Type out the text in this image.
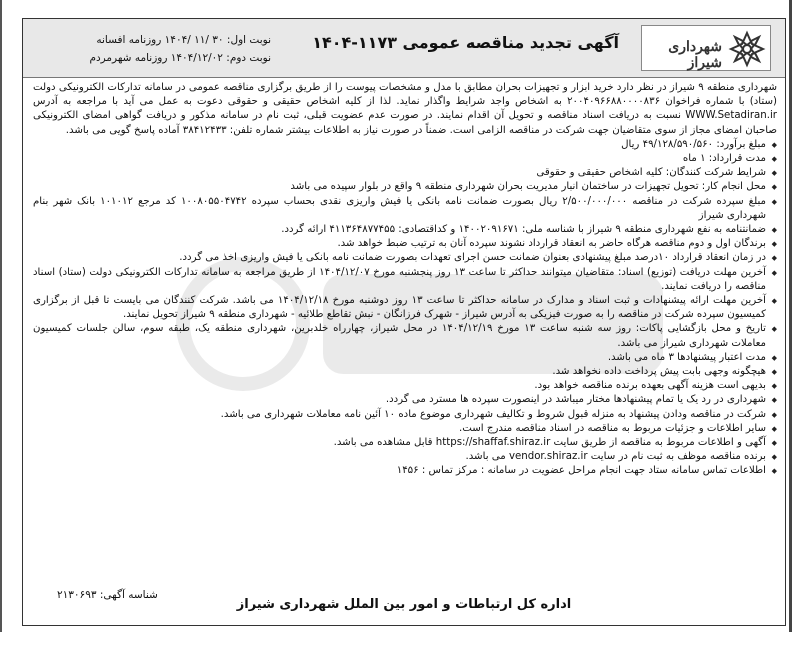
شهرداری شیراز
آگهی تجدید مناقصه عمومی ۱۱۷۳-۱۴۰۴
نوبت اول: ۳۰ /۱۱ /۱۴۰۴ روزنامه افسانه
نوبت دوم: ۱۴۰۴/۱۲/۰۲ روزنامه شهرمردم

شهرداری منطقه ۹ شیراز در نظر دارد خرید ابزار و تجهیزات بحران مطابق با مدل و مشخصات پیوست را از طریق برگزاری مناقصه عمومی در سامانه تدارکات الکترونیکی دولت (ستاد) با شماره فراخوان ۲۰۰۴۰۹۶۶۸۸۰۰۰۰۸۳۶ به اشخاص واجد شرایط واگذار نماید. لذا از کلیه اشخاص حقیقی و حقوقی دعوت به عمل می آید با مراجعه به آدرس WWW.Setadiran.ir نسبت به دریافت اسناد مناقصه و تحویل آن اقدام نمایند. در صورت عدم عضویت قبلی، ثبت نام در سامانه مذکور و دریافت گواهی امضای الکترونیکی صاحبان امضای مجاز از سوی متقاضیان جهت شرکت در مناقصه الزامی است. ضمناً در صورت نیاز به اطلاعات بیشتر شماره تلفن: ۳۸۴۱۲۴۳۳ آماده پاسخ گویی می باشد.

◆ مبلغ برآورد: ۴۹/۱۲۸/۵۹۰/۵۶۰ ریال
◆ مدت قرارداد: ۱ ماه
◆ شرایط شرکت کنندگان: کلیه اشخاص حقیقی و حقوقی
◆ محل انجام کار: تحویل تجهیزات در ساختمان انبار مدیریت بحران شهرداری منطقه ۹ واقع در بلوار سپیده می باشد
◆ مبلغ سپرده شرکت در مناقصه ۲/۵۰۰/۰۰۰/۰۰۰ ریال بصورت ضمانت نامه بانکی یا فیش واریزی نقدی بحساب سپرده ۱۰۰۸۰۵۵۰۴۷۴۲ کد مرجع ۱۰۱۰۱۲ بانک شهر بنام شهرداری شیراز
◆ ضمانتنامه به نفع شهرداری منطقه ۹ شیراز با شناسه ملی: ۱۴۰۰۲۰۹۱۶۷۱ و کداقتصادی: ۴۱۱۳۶۴۸۷۷۴۵۵ ارائه گردد.
◆ برندگان اول و دوم مناقصه هرگاه حاضر به انعقاد قرارداد نشوند سپرده آنان به ترتیب ضبط خواهد شد.
◆ در زمان انعقاد قرارداد ۱۰درصد مبلغ پیشنهادی بعنوان ضمانت حسن اجرای تعهدات بصورت ضمانت نامه بانکی یا فیش واریزی اخذ می گردد.
◆ آخرین مهلت دریافت (توزیع) اسناد: متقاضیان میتوانند حداکثر تا ساعت ۱۳ روز پنجشنبه مورخ ۱۴۰۴/۱۲/۰۷ از طریق مراجعه به سامانه تدارکات الکترونیکی دولت (ستاد) اسناد مناقصه را دریافت نمایند.
◆ آخرین مهلت ارائه پیشنهادات و ثبت اسناد و مدارک در سامانه حداکثر تا ساعت ۱۳ روز دوشنبه مورخ ۱۴۰۴/۱۲/۱۸ می باشد. شرکت کنندگان می بایست تا قبل از برگزاری کمیسیون سپرده شرکت در مناقصه را به صورت فیزیکی به آدرس شیراز - شهرک فرزانگان - نبش تقاطع طلائیه - شهرداری منطقه ۹ شیراز تحویل نمایند.
◆ تاریخ و محل بازگشایی پاکات: روز سه شنبه ساعت ۱۳ مورخ ۱۴۰۴/۱۲/۱۹ در محل شیراز، چهارراه خلدبرین، شهرداری منطقه یک، طبقه سوم، سالن جلسات کمیسیون معاملات شهرداری شیراز می باشد.
◆ مدت اعتبار پیشنهادها ۳ ماه می باشد.
◆ هیچگونه وجهی بابت پیش پرداخت داده نخواهد شد.
◆ بدیهی است هزینه آگهی بعهده برنده مناقصه خواهد بود.
◆ شهرداری در رد یک یا تمام پیشنهادها مختار میباشد در اینصورت سپرده ها مسترد می گردد.
◆ شرکت در مناقصه ودادن پیشنهاد به منزله قبول شروط و تکالیف شهرداری موضوع ماده ۱۰ آئین نامه معاملات شهرداری می باشد.
◆ سایر اطلاعات و جزئیات مربوط به مناقصه در اسناد مناقصه مندرج است.
◆ آگهی و اطلاعات مربوط به مناقصه از طریق سایت https://shaffaf.shiraz.ir قابل مشاهده می باشد.
◆ برنده مناقصه موظف به ثبت نام در سایت vendor.shiraz.ir می باشد.
◆ اطلاعات تماس سامانه ستاد جهت انجام مراحل عضویت در سامانه : مرکز تماس : ۱۴۵۶
شناسه آگهی: ۲۱۳۰۶۹۳
اداره کل ارتباطات و امور بین الملل شهرداری شیراز
